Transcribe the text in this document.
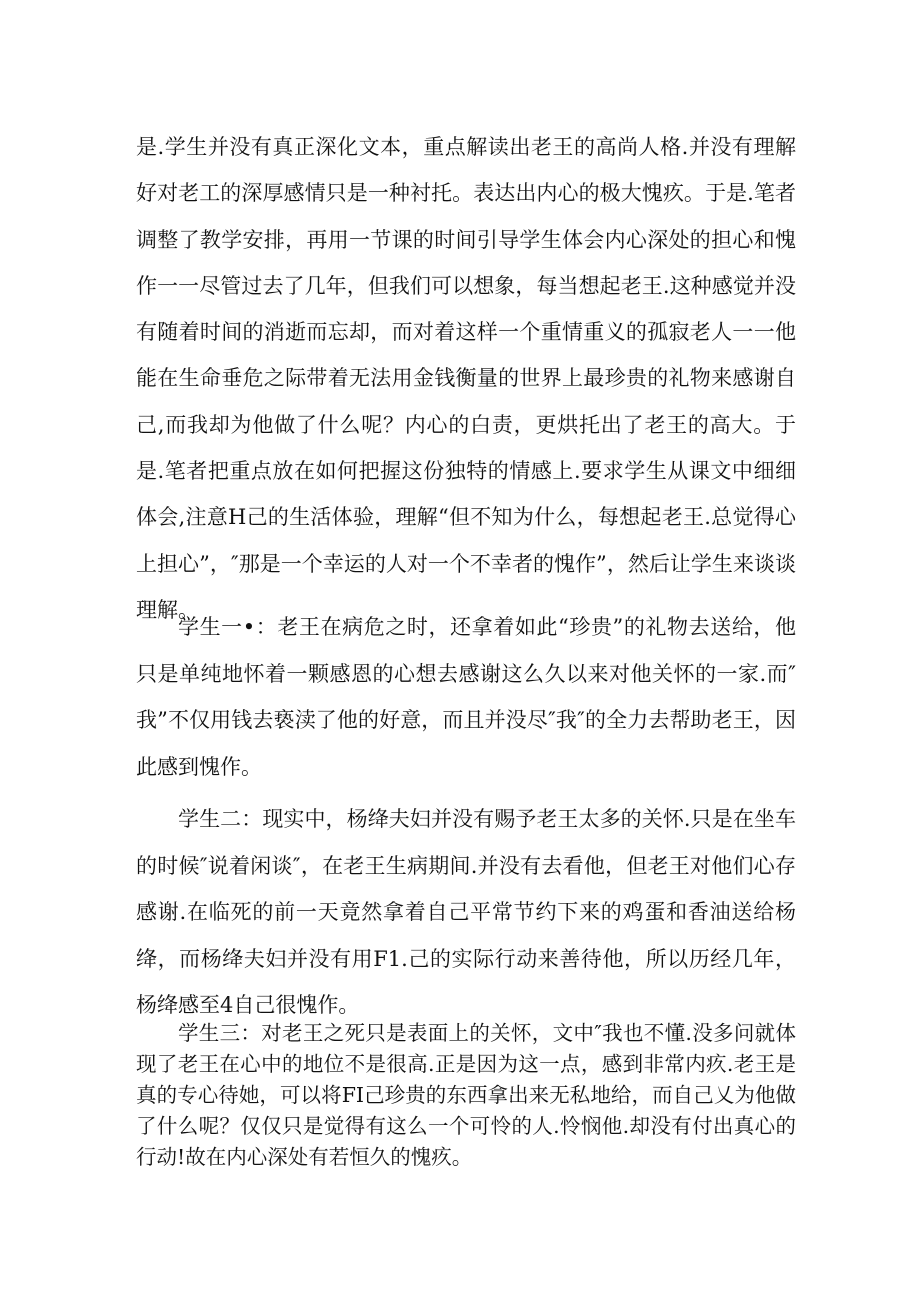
是.学生并没有真正深化文本，重点解读出老王的高尚人格.并没有理解好对老工的深厚感情只是一种衬托。表达出内心的极大愧疚。于是.笔者调整了教学安排，再用一节课的时间引导学生体会内心深处的担心和愧作一一尽管过去了几年，但我们可以想象，每当想起老王.这种感觉并没有随着时间的消逝而忘却，而对着这样一个重情重义的孤寂老人一一他能在生命垂危之际带着无法用金钱衡量的世界上最珍贵的礼物来感谢自己,而我却为他做了什么呢？内心的白责，更烘托出了老王的高大。于是.笔者把重点放在如何把握这份独特的情感上.要求学生从课文中细细体会,注意H己的生活体验，理解“但不知为什么，每想起老王.总觉得心上担心”，″那是一个幸运的人对一个不幸者的愧作”，然后让学生来谈谈理解。

学生一•：老王在病危之时，还拿着如此“珍贵”的礼物去送给，他只是单纯地怀着一颗感恩的心想去感谢这么久以来对他关怀的一家.而″我”不仅用钱去亵渎了他的好意，而且并没尽″我″的全力去帮助老王，因此感到愧作。

学生二：现实中，杨绛夫妇并没有赐予老王太多的关怀.只是在坐车的时候″说着闲谈″，在老王生病期间.并没有去看他，但老王对他们心存感谢.在临死的前一天竟然拿着自己平常节约下来的鸡蛋和香油送给杨绛，而杨绛夫妇并没有用F1.己的实际行动来善待他，所以历经几年，杨绛感至4自己很愧作。

学生三：对老王之死只是表面上的关怀，文中″我也不懂.没多问就体现了老王在心中的地位不是很高.正是因为这一点，感到非常内疚.老王是真的专心待她，可以将FI己珍贵的东西拿出来无私地给，而自己乂为他做了什么呢？仅仅只是觉得有这么一个可怜的人.怜悯他.却没有付出真心的行动!故在内心深处有若恒久的愧疚。
